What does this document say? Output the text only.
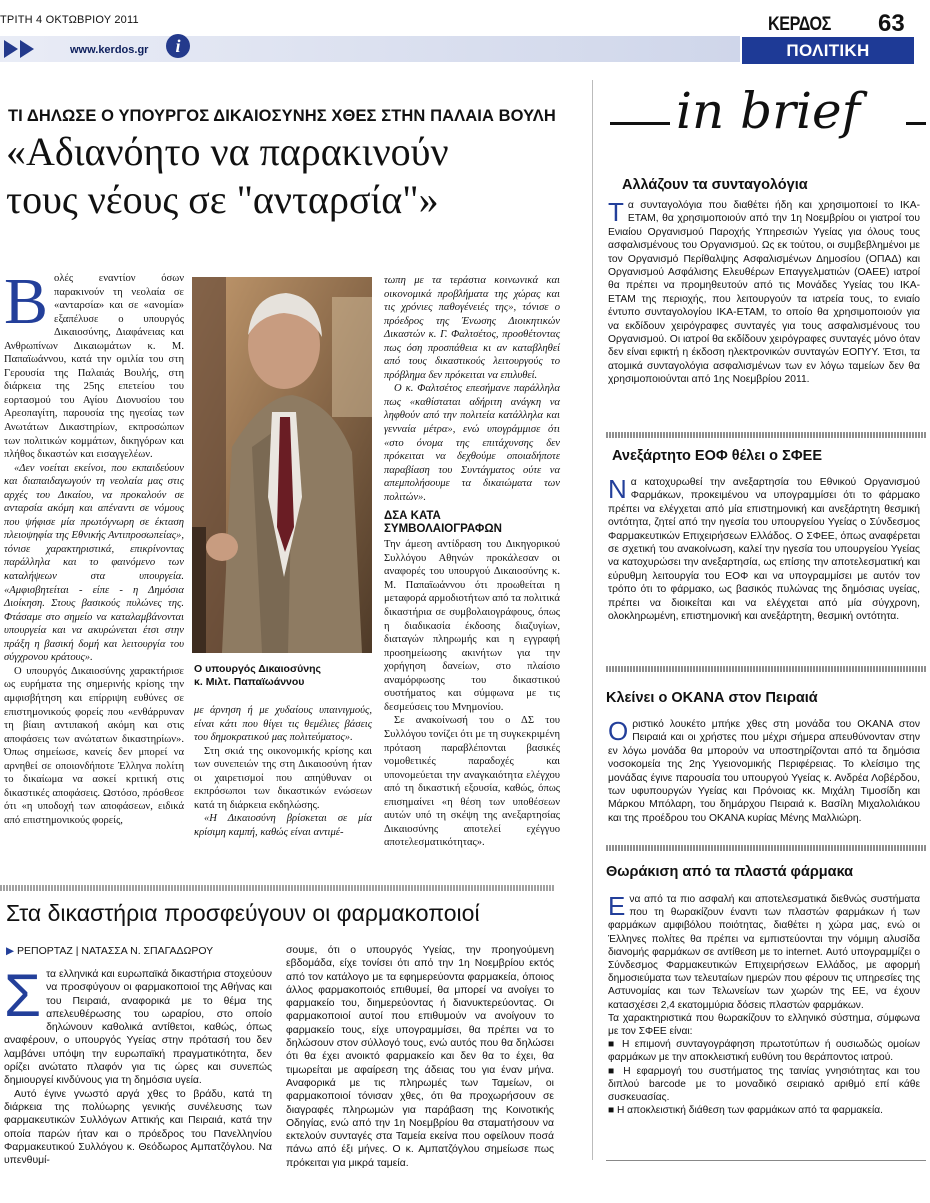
ΤΡΙΤΗ 4 ΟΚΤΩΒΡΙΟΥ 2011	ΚΕΡΔΟΣ 63
www.kerdos.gr	i	ΠΟΛΙΤΙΚΗ
ΤΙ ΔΗΛΩΣΕ Ο ΥΠΟΥΡΓΟΣ ΔΙΚΑΙΟΣΥΝΗΣ ΧΘΕΣ ΣΤΗΝ ΠΑΛΑΙΑ ΒΟΥΛΗ
«Αδιανόητο να παρακινούν
τους νέους σε "ανταρσία"»

Βολές εναντίον όσων παρακινούν τη νεολαία σε «ανταρσία» και σε «ανομία» εξαπέλυσε ο υπουργός Δικαιοσύνης, Διαφάνειας και Ανθρωπίνων Δικαιωμάτων κ. Μ. Παπαϊωάννου, κατά την ομιλία του στη Γερουσία της Παλαιάς Βουλής, στη διάρκεια της 25ης επετείου του εορτασμού του Αγίου Διονυσίου του Αρεοπαγίτη, παρουσία της ηγεσίας των Ανωτάτων Δικαστηρίων, εκπροσώπων των πολιτικών κομμάτων, δικηγόρων και πλήθος δικαστών και εισαγγελέων.

«Δεν νοείται εκείνοι, που εκπαιδεύουν και διαπαιδαγωγούν τη νεολαία μας στις αρχές του Δικαίου, να προκαλούν σε ανταρσία ακόμη και απέναντι σε νόμους που ψήφισε μία πρωτόγνωρη σε έκταση πλειοψηφία της Εθνικής Αντιπροσωπείας», τόνισε χαρακτηριστικά, επικρίνοντας παράλληλα και το φαινόμενο των καταλήψεων στα υπουργεία. «Αμφισβητείται - είπε - η Δημόσια Διοίκηση. Στους βασικούς πυλώνες της. Φτάσαμε στο σημείο να καταλαμβάνονται υπουργεία και να ακυρώνεται έτσι στην πράξη η βασική δομή και λειτουργία του σύγχρονου κράτους».

Ο υπουργός Δικαιοσύνης χαρακτήρισε ως ευρήματα της σημερινής κρίσης την αμφισβήτηση και επίρριψη ευθύνες σε επιστημονικούς φορείς που «ενθάρρυναν τη βίαιη αντιπακοή ακόμη και στις αποφάσεις των ανώτατων δικαστηρίων». Όπως σημείωσε, κανείς δεν μπορεί να αρνηθεί σε οποιονδήποτε Έλληνα πολίτη το δικαίωμα να ασκεί κριτική στις δικαστικές αποφάσεις. Ωστόσο, πρόσθεσε ότι «η υποδοχή των αποφάσεων, ειδικά από επιστημονικούς φορείς,

Ο υπουργός Δικαιοσύνης
κ. Μιλτ. Παπαϊωάννου

με άρνηση ή με χυδαίους υπαινιγμούς, είναι κάτι που θίγει τις θεμέλιες βάσεις του δημοκρατικού μας πολιτεύματος».

Στη σκιά της οικονομικής κρίσης και των συνεπειών της στη Δικαιοσύνη ήταν οι χαιρετισμοί που απηύθυναν οι εκπρόσωποι των δικαστικών ενώσεων κατά τη διάρκεια εκδηλώσης.

«Η Δικαιοσύνη βρίσκεται σε μία κρίσιμη καμπή, καθώς είναι αντιμέ-

τωπη με τα τεράστια κοινωνικά και οικονομικά προβλήματα της χώρας και τις χρόνιες παθογένειές της», τόνισε ο πρόεδρος της Ένωσης Διοικητικών Δικαστών κ. Γ. Φαλτσέτος, προσθέτοντας πως όση προσπάθεια κι αν καταβληθεί από τους δικαστικούς λειτουργούς το πρόβλημα δεν πρόκειται να επιλυθεί.

Ο κ. Φαλτσέτος επεσήμανε παράλληλα πως «καθίσταται αδήριτη ανάγκη να ληφθούν από την πολιτεία κατάλληλα και γενναία μέτρα», ενώ υπογράμμισε ότι «στο όνομα της επιτάχυνσης δεν πρόκειται να δεχθούμε οποιαδήποτε παραβίαση του Συντάγματος ούτε να απεμπολήσουμε τα δικαιώματα των πολιτών».

ΔΣΑ ΚΑΤΑ
ΣΥΜΒΟΛΑΙΟΓΡΑΦΩΝ

Την άμεση αντίδραση του Δικηγορικού Συλλόγου Αθηνών προκάλεσαν οι αναφορές του υπουργού Δικαιοσύνης κ. Μ. Παπαϊωάννου ότι προωθείται η μεταφορά αρμοδιοτήτων από τα πολιτικά δικαστήρια σε συμβολαιογράφους, όπως η διαδικασία έκδοσης διαζυγίων, διαταγών πληρωμής και η εγγραφή προσημείωσης ακινήτων για την χορήγηση δανείων, στο πλαίσιο αναμόρφωσης του δικαστικού συστήματος και σύμφωνα με τις δεσμεύσεις του Μνημονίου.

Σε ανακοίνωσή του ο ΔΣ του Συλλόγου τονίζει ότι με τη συγκεκριμένη πρόταση παραβλέπονται βασικές νομοθετικές παραδοχές και υπονομεύεται την αναγκαιότητα ελέγχου από τη δικαστική εξουσία, καθώς, όπως επισημαίνει «η θέση των υποθέσεων αυτών υπό τη σκέψη της ανεξαρτησίας Δικαιοσύνης αποτελεί εχέγγυο αποτελεσματικότητας».

Στα δικαστήρια προσφεύγουν οι φαρμακοποιοί
▶ ΡΕΠΟΡΤΑΖ | ΝΑΤΑΣΣΑ Ν. ΣΠΑΓΑΔΩΡΟΥ

Στα ελληνικά και ευρωπαϊκά δικαστήρια στοχεύουν να προσφύγουν οι φαρμακοποιοί της Αθήνας και του Πειραιά, αναφορικά με το θέμα της απελευθέρωσης του ωραρίου, στο οποίο δηλώνουν καθολικά αντίθετοι, καθώς, όπως αναφέρουν, ο υπουργός Υγείας στην πρότασή του δεν λαμβάνει υπόψη την ευρωπαϊκή πραγματικότητα, δεν ορίζει ανώτατο πλαφόν για τις ώρες και συνεπώς δημιουργεί κινδύνους για τη δημόσια υγεία.

Αυτό έγινε γνωστό αργά χθες το βράδυ, κατά τη διάρκεια της πολύωρης γενικής συνέλευσης των φαρμακευτικών Συλλόγων Αττικής και Πειραιά, κατά την οποία παρών ήταν και ο πρόεδρος του Πανελληνίου Φαρμακευτικού Συλλόγου κ. Θεόδωρος Αμπατζόγλου. Να υπενθυμί-

σουμε, ότι ο υπουργός Υγείας, την προηγούμενη εβδομάδα, είχε τονίσει ότι από την 1η Νοεμβρίου εκτός από τον κατάλογο με τα εφημερεύοντα φαρμακεία, όποιος άλλος φαρμακοποιός επιθυμεί, θα μπορεί να ανοίγει το φαρμακείο του, διημερεύοντας ή διανυκτερεύοντας. Οι φαρμακοποιοί αυτοί που επιθυμούν να ανοίγουν το φαρμακείο τους, είχε υπογραμμίσει, θα πρέπει να το δηλώσουν στον σύλλογό τους, ενώ αυτός που θα δηλώσει ότι θα έχει ανοικτό φαρμακείο και δεν θα το έχει, θα τιμωρείται με αφαίρεση της άδειας του για έναν μήνα. Αναφορικά με τις πληρωμές των Ταμείων, οι φαρμακοποιοί τόνισαν χθες, ότι θα προχωρήσουν σε διαγραφές πληρωμών για παράβαση της Κοινοτικής Οδηγίας, ενώ από την 1η Νοεμβρίου θα σταματήσουν να εκτελούν συνταγές στα Ταμεία εκείνα που οφείλουν ποσά πάνω από έξι μήνες. Ο κ. Αμπατζόγλου σημείωσε πως πρόκειται για μικρά ταμεία.

in brief
Αλλάζουν τα συνταγολόγια

Τα συνταγολόγια που διαθέτει ήδη και χρησιμοποιεί το ΙΚΑ-ΕΤΑΜ, θα χρησιμοποιούν από την 1η Νοεμβρίου οι γιατροί του Ενιαίου Οργανισμού Παροχής Υπηρεσιών Υγείας για όλους τους ασφαλισμένους του Οργανισμού. Ως εκ τούτου, οι συμβεβλημένοι με τον Οργανισμό Περίθαλψης Ασφαλισμένων Δημοσίου (ΟΠΑΔ) και Οργανισμού Ασφάλισης Ελευθέρων Επαγγελματιών (ΟΑΕΕ) ιατροί θα πρέπει να προμηθευτούν από τις Μονάδες Υγείας του ΙΚΑ- ΕΤΑΜ της περιοχής, που λειτουργούν τα ιατρεία τους, το ενιαίο έντυπο συνταγολογίου ΙΚΑ-ΕΤΑΜ, το οποίο θα χρησιμοποιούν για να εκδίδουν χειρόγραφες συνταγές για τους ασφαλισμένους του Οργανισμού. Οι ιατροί θα εκδίδουν χειρόγραφες συνταγές μόνο όταν δεν είναι εφικτή η έκδοση ηλεκτρονικών συνταγών ΕΟΠΥΥ. Έτσι, τα ατομικά συνταγολόγια ασφαλισμένων των εν λόγω ταμείων δεν θα χρησιμοποιούνται από 1ης Νοεμβρίου 2011.

Ανεξάρτητο ΕΟΦ θέλει ο ΣΦΕΕ

Να κατοχυρωθεί την ανεξαρτησία του Εθνικού Οργανισμού Φαρμάκων, προκειμένου να υπογραμμίσει ότι το φάρμακο πρέπει να ελέγχεται από μία επιστημονική και ανεξάρτητη θεσμική οντότητα, ζητεί από την ηγεσία του υπουργείου Υγείας ο Σύνδεσμος Φαρμακευτικών Επιχειρήσεων Ελλάδος. Ο ΣΦΕΕ, όπως αναφέρεται σε σχετική του ανακοίνωση, καλεί την ηγεσία του υπουργείου Υγείας να κατοχυρώσει την ανεξαρτησία, ως επίσης την αποτελεσματική και εύρυθμη λειτουργία του ΕΟΦ και να υπογραμμίσει με αυτόν τον τρόπο ότι το φάρμακο, ως βασικός πυλώνας της δημόσιας υγείας, πρέπει να διοικείται και να ελέγχεται από μία σύγχρονη, ολοκληρωμένη, επιστημονική και ανεξάρτητη, θεσμική οντότητα.

Κλείνει ο ΟΚΑΝΑ στον Πειραιά

Οριστικό λουκέτο μπήκε χθες στη μονάδα του ΟΚΑΝΑ στον Πειραιά και οι χρήστες που μέχρι σήμερα απευθύνονταν στην εν λόγω μονάδα θα μπορούν να υποστηρίζονται από τα δημόσια νοσοκομεία της 2ης Υγειονομικής Περιφέρειας. Το κλείσιμο της μονάδας έγινε παρουσία του υπουργού Υγείας κ. Ανδρέα Λοβέρδου, των υφυπουργών Υγείας και Πρόνοιας κκ. Μιχάλη Τιμοσίδη και Μάρκου Μπόλαρη, του δημάρχου Πειραιά κ. Βασίλη Μιχαλολιάκου και της προέδρου του ΟΚΑΝΑ κυρίας Μένης Μαλλιώρη.

Θωράκιση από τα πλαστά φάρμακα

Ενα από τα πιο ασφαλή και αποτελεσματικά διεθνώς συστήματα που τη θωρακίζουν έναντι των πλαστών φαρμάκων ή των φαρμάκων αμφιβόλου ποιότητας, διαθέτει η χώρα μας, ενώ οι Έλληνες πολίτες θα πρέπει να εμπιστεύονται την νόμιμη αλυσίδα διανομής φαρμάκων σε αντίθεση με το internet. Αυτό υπογραμμίζει ο Σύνδεσμος Φαρμακευτικών Επιχειρήσεων Ελλάδος, με αφορμή δημοσιεύματα των τελευταίων ημερών που φέρουν τις υπηρεσίες της Αστυνομίας και των Τελωνείων των χωρών της ΕΕ, να έχουν κατασχέσει 2,4 εκατομμύρια δόσεις πλαστών φαρμάκων.

Τα χαρακτηριστικά που θωρακίζουν το ελληνικό σύστημα, σύμφωνα με τον ΣΦΕΕ είναι:

■ Η επιμονή συνταγογράφηση πρωτοτύπων ή ουσιωδώς ομοίων φαρμάκων με την αποκλειστική ευθύνη του θεράποντος ιατρού.

■ Η εφαρμογή του συστήματος της ταινίας γνησιότητας και του διπλού barcode με το μοναδικό σειριακό αριθμό επί κάθε συσκευασίας.

■ Η αποκλειστική διάθεση των φαρμάκων από τα φαρμακεία.
